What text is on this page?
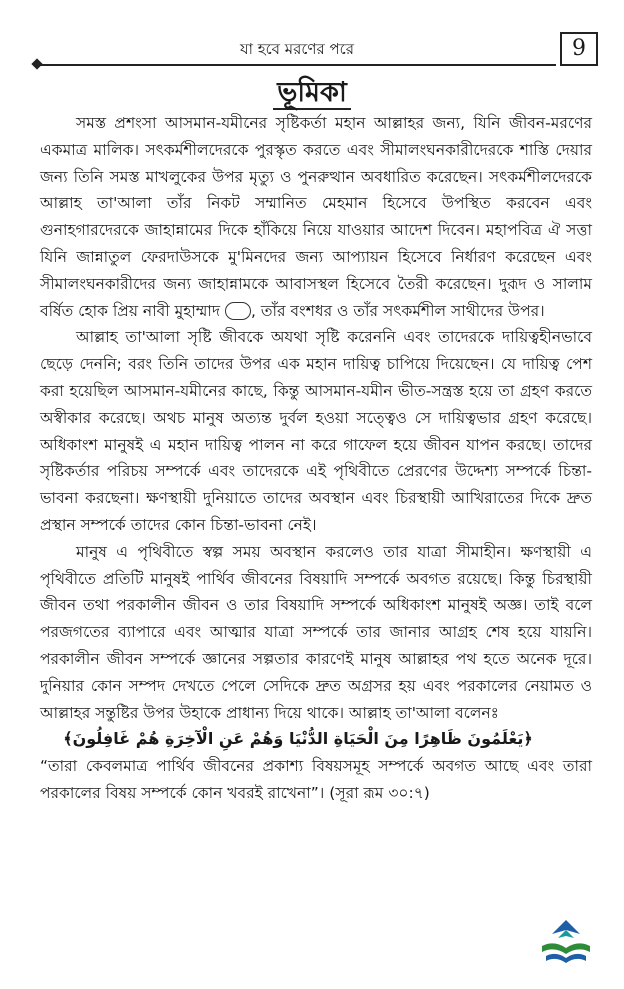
যা হবে মরণের পরে	9
ভূমিকা

সমস্ত প্রশংসা আসমান-যমীনের সৃষ্টিকর্তা মহান আল্লাহর জন্য, যিনি জীবন-মরণের একমাত্র মালিক। সৎকর্মশীলদেরকে পুরস্কৃত করতে এবং সীমালংঘনকারীদেরকে শাস্তি দেয়ার জন্য তিনি সমস্ত মাখলুকের উপর মৃত্যু ও পুনরুত্থান অবধারিত করেছেন। সৎকর্মশীলদেরকে আল্লাহ তা'আলা তাঁর নিকট সম্মানিত মেহমান হিসেবে উপস্থিত করবেন এবং গুনাহগারদেরকে জাহান্নামের দিকে হাঁকিয়ে নিয়ে যাওয়ার আদেশ দিবেন। মহাপবিত্র ঐ সত্তা যিনি জান্নাতুল ফেরদাউসকে মু'মিনদের জন্য আপ্যায়ন হিসেবে নির্ধারণ করেছেন এবং সীমালংঘনকারীদের জন্য জাহান্নামকে আবাসস্থল হিসেবে তৈরী করেছেন। দুরূদ ও সালাম বর্ষিত হোক প্রিয় নাবী মুহাম্মাদ , তাঁর বংশধর ও তাঁর সৎকর্মশীল সাথীদের উপর।

আল্লাহ তা'আলা সৃষ্টি জীবকে অযথা সৃষ্টি করেননি এবং তাদেরকে দায়িত্বহীনভাবে ছেড়ে দেননি; বরং তিনি তাদের উপর এক মহান দায়িত্ব চাপিয়ে দিয়েছেন। যে দায়িত্ব পেশ করা হয়েছিল আসমান-যমীনের কাছে, কিন্তু আসমান-যমীন ভীত-সন্ত্রস্ত হয়ে তা গ্রহণ করতে অস্বীকার করেছে। অথচ মানুষ অত্যন্ত দুর্বল হওয়া সত্ত্বেও সে দায়িত্বভার গ্রহণ করেছে। অধিকাংশ মানুষই এ মহান দায়িত্ব পালন না করে গাফেল হয়ে জীবন যাপন করছে। তাদের সৃষ্টিকর্তার পরিচয় সম্পর্কে এবং তাদেরকে এই পৃথিবীতে প্রেরণের উদ্দেশ্য সম্পর্কে চিন্তা-ভাবনা করছেনা। ক্ষণস্থায়ী দুনিয়াতে তাদের অবস্থান এবং চিরস্থায়ী আখিরাতের দিকে দ্রুত প্রস্থান সম্পর্কে তাদের কোন চিন্তা-ভাবনা নেই।

মানুষ এ পৃথিবীতে স্বল্প সময় অবস্থান করলেও তার যাত্রা সীমাহীন। ক্ষণস্থায়ী এ পৃথিবীতে প্রতিটি মানুষই পার্থিব জীবনের বিষয়াদি সম্পর্কে অবগত রয়েছে। কিন্তু চিরস্থায়ী জীবন তথা পরকালীন জীবন ও তার বিষয়াদি সম্পর্কে অধিকাংশ মানুষই অজ্ঞ। তাই বলে পরজগতের ব্যাপারে এবং আত্মার যাত্রা সম্পর্কে তার জানার আগ্রহ শেষ হয়ে যায়নি। পরকালীন জীবন সম্পর্কে জ্ঞানের সল্পতার কারণেই মানুষ আল্লাহর পথ হতে অনেক দূরে। দুনিয়ার কোন সম্পদ দেখতে পেলে সেদিকে দ্রুত অগ্রসর হয় এবং পরকালের নেয়ামত ও আল্লাহর সন্তুষ্টির উপর উহাকে প্রাধান্য দিয়ে থাকে। আল্লাহ তা'আলা বলেনঃ

﴿يَعْلَمُونَ ظَاهِرًا مِنَ الْحَيَاةِ الدُّنْيَا وَهُمْ عَنِ الْآخِرَةِ هُمْ غَافِلُونَ﴾

“তারা কেবলমাত্র পার্থিব জীবনের প্রকাশ্য বিষয়সমূহ সম্পর্কে অবগত আছে এবং তারা পরকালের বিষয় সম্পর্কে কোন খবরই রাখেনা”। (সূরা রূম ৩০:৭)
